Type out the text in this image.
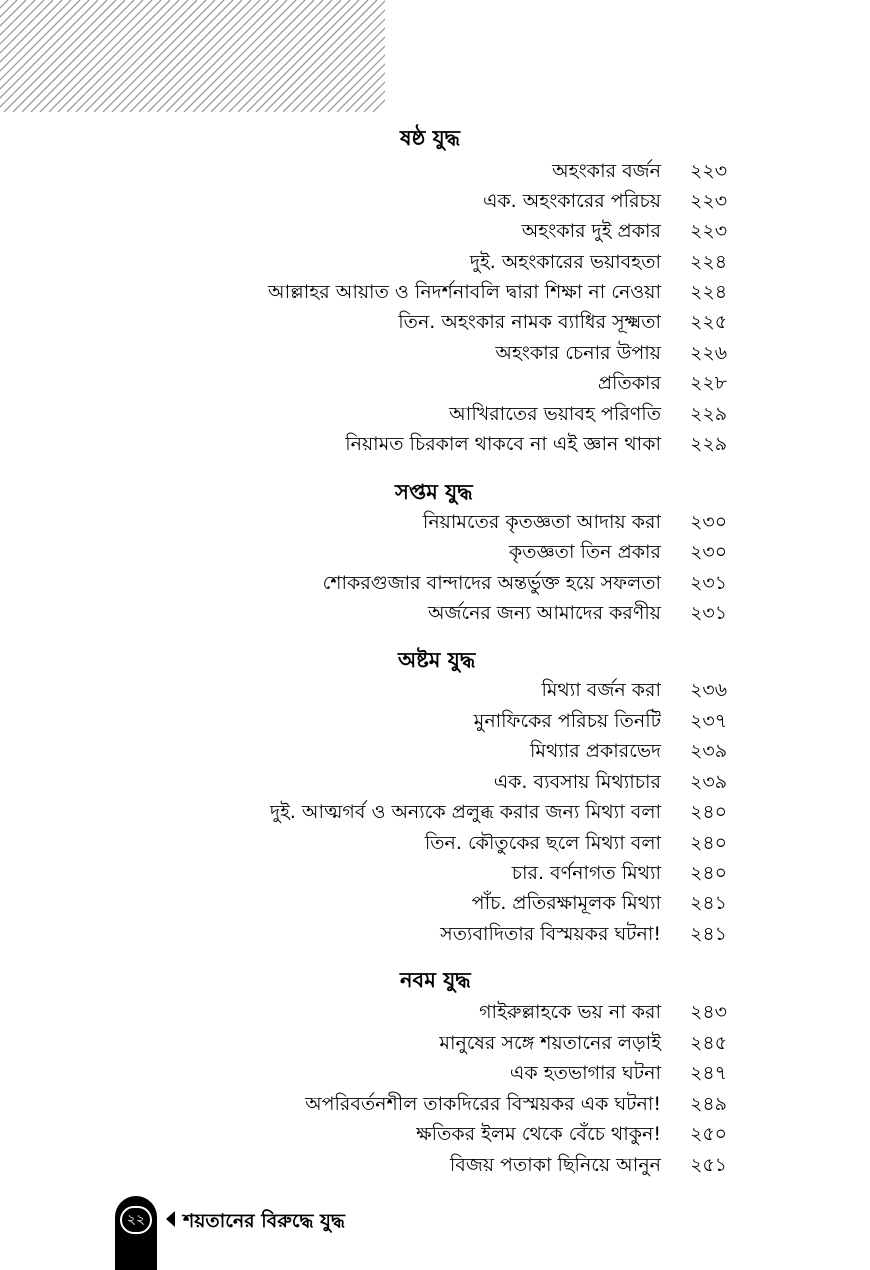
ষষ্ঠ যুদ্ধ
অহংকার বর্জন ২২৩
এক. অহংকারের পরিচয় ২২৩
অহংকার দুই প্রকার ২২৩
দুই. অহংকারের ভয়াবহতা ২২৪
আল্লাহর আয়াত ও নিদর্শনাবলি দ্বারা শিক্ষা না নেওয়া ২২৪
তিন. অহংকার নামক ব্যাধির সূক্ষ্মতা ২২৫
অহংকার চেনার উপায় ২২৬
প্রতিকার ২২৮
আখিরাতের ভয়াবহ পরিণতি ২২৯
নিয়ামত চিরকাল থাকবে না এই জ্ঞান থাকা ২২৯
সপ্তম যুদ্ধ
নিয়ামতের কৃতজ্ঞতা আদায় করা ২৩০
কৃতজ্ঞতা তিন প্রকার ২৩০
শোকরগুজার বান্দাদের অন্তর্ভুক্ত হয়ে সফলতা ২৩১
অর্জনের জন্য আমাদের করণীয় ২৩১
অষ্টম যুদ্ধ
মিথ্যা বর্জন করা ২৩৬
মুনাফিকের পরিচয় তিনটি ২৩৭
মিথ্যার প্রকারভেদ ২৩৯
এক. ব্যবসায় মিথ্যাচার ২৩৯
দুই. আত্মগর্ব ও অন্যকে প্রলুব্ধ করার জন্য মিথ্যা বলা ২৪০
তিন. কৌতুকের ছলে মিথ্যা বলা ২৪০
চার. বর্ণনাগত মিথ্যা ২৪০
পাঁচ. প্রতিরক্ষামূলক মিথ্যা ২৪১
সত্যবাদিতার বিস্ময়কর ঘটনা! ২৪১
নবম যুদ্ধ
গাইরুল্লাহকে ভয় না করা ২৪৩
মানুষের সঙ্গে শয়তানের লড়াই ২৪৫
এক হতভাগার ঘটনা ২৪৭
অপরিবর্তনশীল তাকদিরের বিস্ময়কর এক ঘটনা! ২৪৯
ক্ষতিকর ইলম থেকে বেঁচে থাকুন! ২৫০
বিজয় পতাকা ছিনিয়ে আনুন ২৫১
২২	শয়তানের বিরুদ্ধে যুদ্ধ
